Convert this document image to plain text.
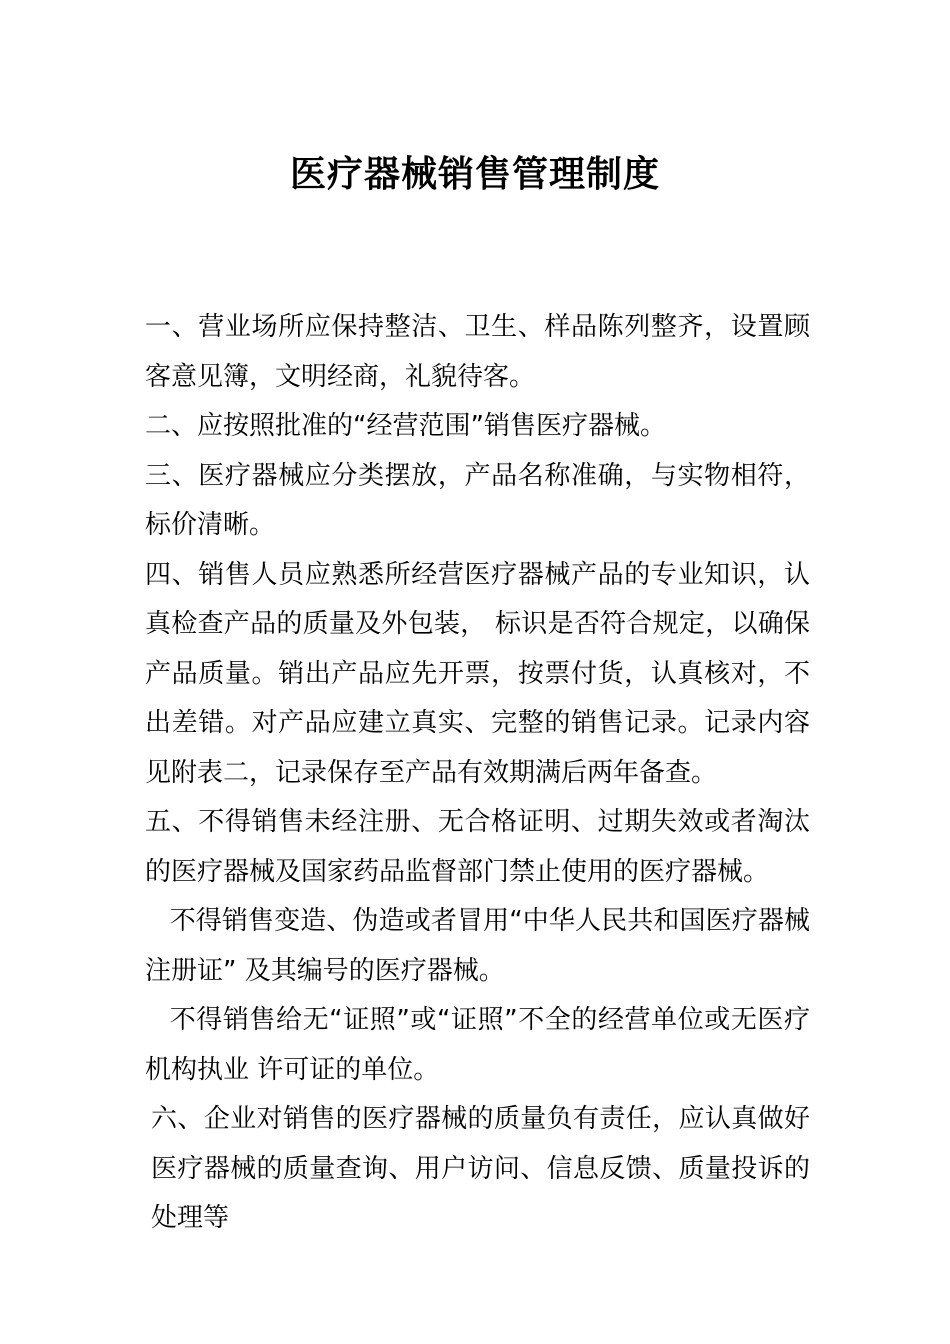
医疗器械销售管理制度

一、营业场所应保持整洁、卫生、样品陈列整齐，设置顾客意见簿，文明经商，礼貌待客。

二、应按照批准的“经营范围”销售医疗器械。

三、医疗器械应分类摆放，产品名称准确，与实物相符，标价清晰。

四、销售人员应熟悉所经营医疗器械产品的专业知识，认真检查产品的质量及外包装， 标识是否符合规定，以确保产品质量。销出产品应先开票，按票付货，认真核对，不出差错。对产品应建立真实、完整的销售记录。记录内容见附表二，记录保存至产品有效期满后两年备查。

五、不得销售未经注册、无合格证明、过期失效或者淘汰的医疗器械及国家药品监督部门禁止使用的医疗器械。

不得销售变造、伪造或者冒用“中华人民共和国医疗器械注册证” 及其编号的医疗器械。

不得销售给无“证照”或“证照”不全的经营单位或无医疗机构执业 许可证的单位。

六、企业对销售的医疗器械的质量负有责任，应认真做好医疗器械的质量查询、用户访问、信息反馈、质量投诉的处理等
